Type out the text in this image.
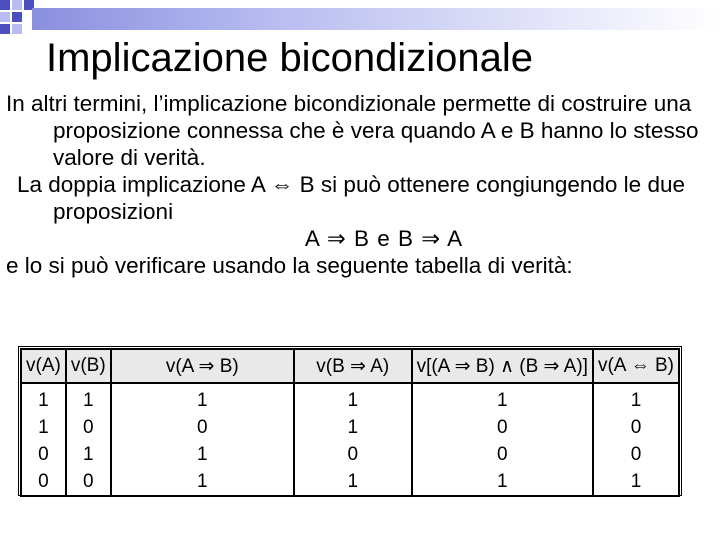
Implicazione bicondizionale

In altri termini, l’implicazione bicondizionale permette di costruire una proposizione connessa che è vera quando A e B hanno lo stesso valore di verità.

La doppia implicazione A ⇔ B si può ottenere congiungendo le due proposizioni

A ⇒ B e B ⇒ A

e lo si può verificare usando la seguente tabella di verità:

v(A)	v(B)	v(A ⇒ B)	v(B ⇒ A)	v[(A ⇒ B) ∧ (B ⇒ A)]	v(A ⇔ B)
1	1	1	1	1	1
1	0	0	1	0	0
0	1	1	0	0	0
0	0	1	1	1	1
